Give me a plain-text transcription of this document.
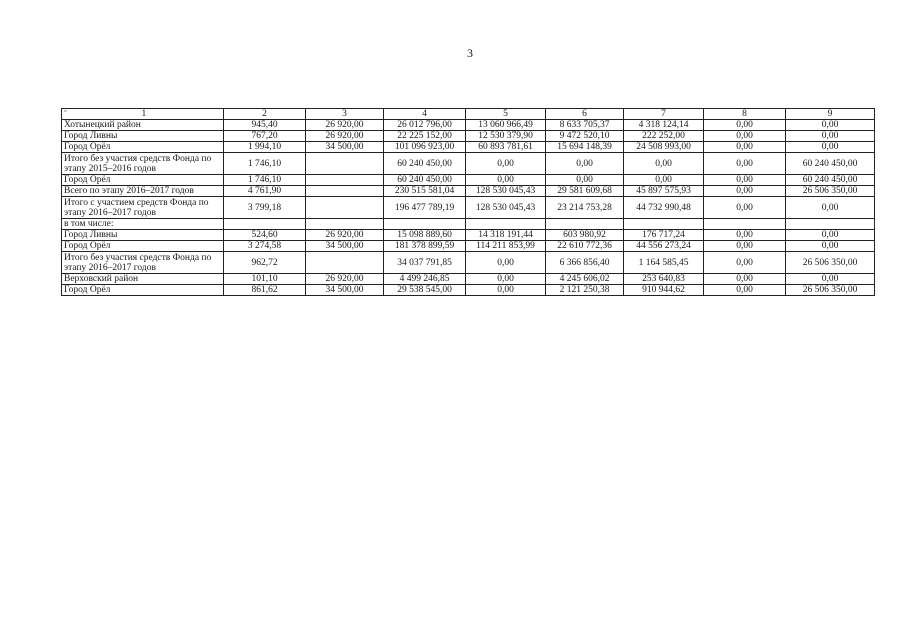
3
ˇ 1	2	3	4	5	6	7	8	9
Хотынецкий район	945,40	26 920,00	26 012 796,00	13 060 966,49	8 633 705,37	4 318 124,14	0,00	0,00
Город Ливны	767,20	26 920,00	22 225 152,00	12 530 379,90	9 472 520,10	222 252,00	0,00	0,00
Город Орёл	1 994,10	34 500,00	101 096 923,00	60 893 781,61	15 694 148,39	24 508 993,00	0,00	0,00
Итого без участия средств Фонда по этапу 2015–2016 годов	1 746,10		60 240 450,00	0,00	0,00	0,00	0,00	60 240 450,00
Город Орёл	1 746,10		60 240 450,00	0,00	0,00	0,00	0,00	60 240 450,00
Всего по этапу 2016–2017 годов	4 761,90		230 515 581,04	128 530 045,43	29 581 609,68	45 897 575,93	0,00	26 506 350,00
Итого с участием средств Фонда по этапу 2016–2017 годов	3 799,18		196 477 789,19	128 530 045,43	23 214 753,28	44 732 990,48	0,00	0,00
в том числе:								
Город Ливны	524,60	26 920,00	15 098 889,60	14 318 191,44	603 980,92	176 717,24	0,00	0,00
Город Орёл	3 274,58	34 500,00	181 378 899,59	114 211 853,99	22 610 772,36	44 556 273,24	0,00	0,00
Итого без участия средств Фонда по этапу 2016–2017 годов	962,72		34 037 791,85	0,00	6 366 856,40	1 164 585,45	0,00	26 506 350,00
Верховский район	101,10	26 920,00	4 499 246,85	0,00	4 245 606,02	253 640,83	0,00	0,00
Город Орёл	861,62	34 500,00	29 538 545,00	0,00	2 121 250,38	910 944,62	0,00	26 506 350,00
